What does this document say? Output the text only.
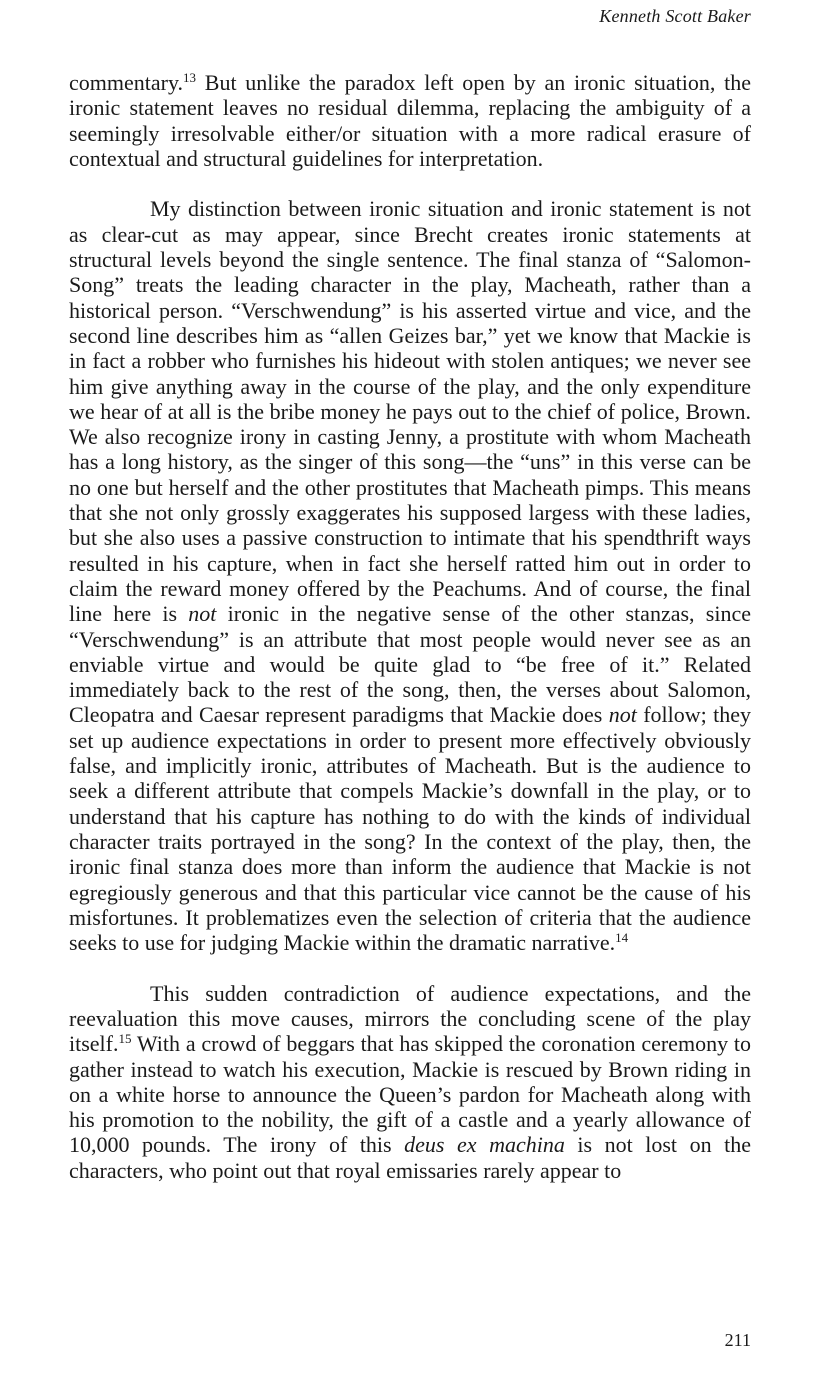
Kenneth Scott Baker

commentary.$^{13}$ But unlike the paradox left open by an ironic situation, the ironic statement leaves no residual dilemma, replacing the ambiguity of a seemingly irresolvable either/or situation with a more radical erasure of contextual and structural guidelines for interpretation.

My distinction between ironic situation and ironic statement is not as clear-cut as may appear, since Brecht creates ironic statements at structural levels beyond the single sentence. The final stanza of “Salomon-Song” treats the leading character in the play, Macheath, rather than a historical person. “Verschwendung” is his asserted virtue and vice, and the second line describes him as “allen Geizes bar,” yet we know that Mackie is in fact a robber who furnishes his hideout with stolen antiques; we never see him give anything away in the course of the play, and the only expenditure we hear of at all is the bribe money he pays out to the chief of police, Brown. We also recognize irony in casting Jenny, a prostitute with whom Macheath has a long history, as the singer of this song—the “uns” in this verse can be no one but herself and the other prostitutes that Macheath pimps. This means that she not only grossly exaggerates his supposed largess with these ladies, but she also uses a passive construction to intimate that his spendthrift ways resulted in his capture, when in fact she herself ratted him out in order to claim the reward money offered by the Peachums. And of course, the final line here is not ironic in the negative sense of the other stanzas, since “Verschwendung” is an attribute that most people would never see as an enviable virtue and would be quite glad to “be free of it.” Related immediately back to the rest of the song, then, the verses about Salomon, Cleopatra and Caesar represent paradigms that Mackie does not follow; they set up audience expectations in order to present more effectively obviously false, and implicitly ironic, attributes of Macheath. But is the audience to seek a different attribute that compels Mackie’s downfall in the play, or to understand that his capture has nothing to do with the kinds of individual character traits portrayed in the song? In the context of the play, then, the ironic final stanza does more than inform the audience that Mackie is not egregiously generous and that this particular vice cannot be the cause of his misfortunes. It problematizes even the selection of criteria that the audience seeks to use for judging Mackie within the dramatic narrative.$^{14}$

This sudden contradiction of audience expectations, and the reevaluation this move causes, mirrors the concluding scene of the play itself.$^{15}$ With a crowd of beggars that has skipped the coronation ceremony to gather instead to watch his execution, Mackie is rescued by Brown riding in on a white horse to announce the Queen’s pardon for Macheath along with his promotion to the nobility, the gift of a castle and a yearly allowance of 10,000 pounds. The irony of this deus ex machina is not lost on the characters, who point out that royal emissaries rarely appear to

211
